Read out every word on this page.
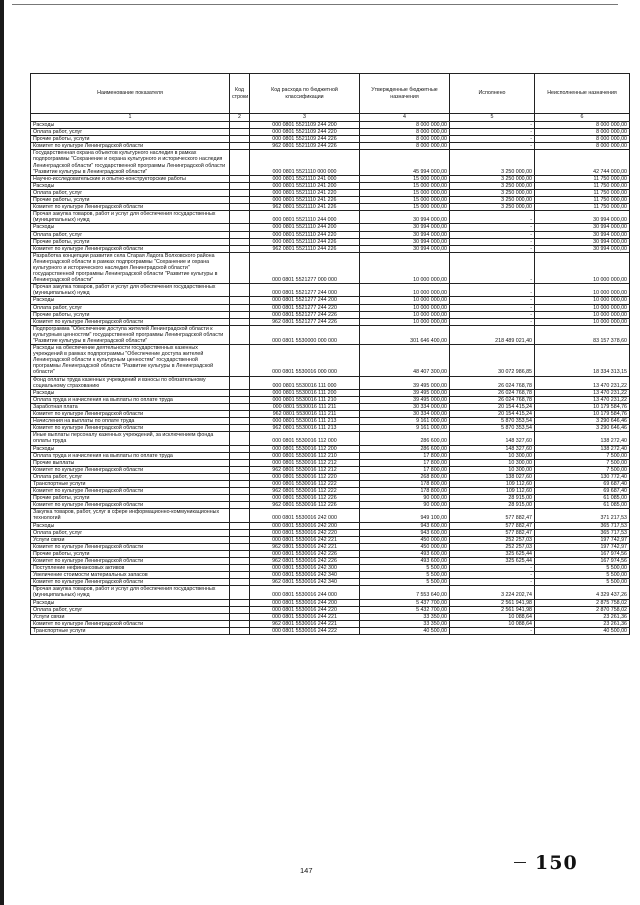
Наименование показателя	Код строки	Код расхода по бюджетной классификации	Утвержденные бюджетные назначения	Исполнено	Неисполненные назначения
1	2	3	4	5	6
Расходы		000 0801 5521109 244 200	8 000 000,00	-	8 000 000,00
Оплата работ, услуг		000 0801 5521109 244 220	8 000 000,00	-	8 000 000,00
Прочие работы, услуги		000 0801 5521109 244 226	8 000 000,00	-	8 000 000,00
Комитет по культуре Ленинградской области		962 0801 5521109 244 226	8 000 000,00	-	8 000 000,00
Государственная охрана объектов культурного наследия в рамках подпрограммы "Сохранение и охрана культурного и исторического наследия Ленинградской области" государственной программы Ленинградской области "Развитие культуры в Ленинградской области"		000 0801 5521110 000 000	45 994 000,00	3 250 000,00	42 744 000,00
Научно-исследовательские и опытно-конструкторские работы		000 0801 5521110 241 000	15 000 000,00	3 250 000,00	11 750 000,00
Расходы		000 0801 5521110 241 200	15 000 000,00	3 250 000,00	11 750 000,00
Оплата работ, услуг		000 0801 5521110 241 220	15 000 000,00	3 250 000,00	11 750 000,00
Прочие работы, услуги		000 0801 5521110 241 226	15 000 000,00	3 250 000,00	11 750 000,00
Комитет по культуре Ленинградской области		962 0801 5521110 241 226	15 000 000,00	3 250 000,00	11 750 000,00
Прочая закупка товаров, работ и услуг для обеспечения государственных (муниципальных) нужд		000 0801 5521110 244 000	30 994 000,00	-	30 994 000,00
Расходы		000 0801 5521110 244 200	30 994 000,00	-	30 994 000,00
Оплата работ, услуг		000 0801 5521110 244 220	30 994 000,00	-	30 994 000,00
Прочие работы, услуги		000 0801 5521110 244 226	30 994 000,00	-	30 994 000,00
Комитет по культуре Ленинградской области		962 0801 5521110 244 226	30 994 000,00	-	30 994 000,00
Разработка концепции развития села Старая Ладога Волховского района Ленинградской области в рамках подпрограммы "Сохранение и охрана культурного и исторического наследия Ленинградской области" государственной программы Ленинградской области "Развитие культуры в Ленинградской области"		000 0801 5521277 000 000	10 000 000,00	-	10 000 000,00
Прочая закупка товаров, работ и услуг для обеспечения государственных (муниципальных) нужд		000 0801 5521277 244 000	10 000 000,00	-	10 000 000,00
Расходы		000 0801 5521277 244 200	10 000 000,00	-	10 000 000,00
Оплата работ, услуг		000 0801 5521277 244 220	10 000 000,00	-	10 000 000,00
Прочие работы, услуги		000 0801 5521277 244 226	10 000 000,00	-	10 000 000,00
Комитет по культуре Ленинградской области		962 0801 5521277 244 226	10 000 000,00	-	10 000 000,00
Подпрограмма "Обеспечение доступа жителей Ленинградской области к культурным ценностям" государственной программы Ленинградской области "Развитие культуры в Ленинградской области"		000 0801 5530000 000 000	301 646 400,00	218 489 021,40	83 157 378,60
Расходы на обеспечение деятельности государственных казенных учреждений в рамках подпрограммы "Обеспечение доступа жителей Ленинградской области к культурным ценностям" государственной программы Ленинградской области "Развитие культуры в Ленинградской области"		000 0801 5530016 000 000	48 407 300,00	30 072 986,85	18 334 313,15
Фонд оплаты труда казенных учреждений и взносы по обязательному социальному страхованию		000 0801 5530016 111 000	39 495 000,00	26 024 768,78	13 470 231,22
Расходы		000 0801 5530016 111 200	39 495 000,00	26 024 768,78	13 470 231,22
Оплата труда и начисления на выплаты по оплате труда		000 0801 5530016 111 210	39 495 000,00	26 024 768,78	13 470 231,22
Заработная плата		000 0801 5530016 111 211	30 334 000,00	20 154 415,24	10 179 584,76
Комитет по культуре Ленинградской области		962 0801 5530016 111 211	30 334 000,00	20 154 415,24	10 179 584,76
Начисления на выплаты по оплате труда		000 0801 5530016 111 213	9 161 000,00	5 870 353,54	3 290 646,46
Комитет по культуре Ленинградской области		962 0801 5530016 111 213	9 161 000,00	5 870 353,54	3 290 646,46
Иные выплаты персоналу казенных учреждений, за исключением фонда оплаты труда		000 0801 5530016 112 000	286 600,00	148 327,60	138 272,40
Расходы		000 0801 5530016 112 200	286 600,00	148 327,60	138 272,40
Оплата труда и начисления на выплаты по оплате труда		000 0801 5530016 112 210	17 800,00	10 300,00	7 500,00
Прочие выплаты		000 0801 5530016 112 212	17 800,00	10 300,00	7 500,00
Комитет по культуре Ленинградской области		962 0801 5530016 112 212	17 800,00	10 300,00	7 500,00
Оплата работ, услуг		000 0801 5530016 112 220	268 800,00	138 027,60	130 772,40
Транспортные услуги		000 0801 5530016 112 222	178 800,00	109 112,60	69 687,40
Комитет по культуре Ленинградской области		962 0801 5530016 112 222	178 800,00	109 112,60	69 687,40
Прочие работы, услуги		000 0801 5530016 112 226	90 000,00	28 915,00	61 085,00
Комитет по культуре Ленинградской области		962 0801 5530016 112 226	90 000,00	28 915,00	61 085,00
Закупка товаров, работ, услуг в сфере информационно-коммуникационных технологий		000 0801 5530016 242 000	949 100,00	577 882,47	371 217,53
Расходы		000 0801 5530016 242 200	943 600,00	577 882,47	365 717,53
Оплата работ, услуг		000 0801 5530016 242 220	943 600,00	577 882,47	365 717,53
Услуги связи		000 0801 5530016 242 221	450 000,00	252 257,03	197 742,97
Комитет по культуре Ленинградской области		962 0801 5530016 242 221	450 000,00	252 257,03	197 742,97
Прочие работы, услуги		000 0801 5530016 242 226	493 600,00	325 625,44	167 974,56
Комитет по культуре Ленинградской области		962 0801 5530016 242 226	493 600,00	325 625,44	167 974,56
Поступление нефинансовых активов		000 0801 5530016 242 300	5 500,00	-	5 500,00
Увеличение стоимости материальных запасов		000 0801 5530016 242 340	5 500,00	-	5 500,00
Комитет по культуре Ленинградской области		962 0801 5530016 242 340	5 500,00	-	5 500,00
Прочая закупка товаров, работ и услуг для обеспечения государственных (муниципальных) нужд		000 0801 5530016 244 000	7 553 640,00	3 224 202,74	4 329 437,26
Расходы		000 0801 5530016 244 200	5 437 700,00	2 561 941,98	2 875 758,02
Оплата работ, услуг		000 0801 5530016 244 220	5 432 700,00	2 561 941,98	2 870 758,02
Услуги связи		000 0801 5530016 244 221	33 350,00	10 088,64	23 261,36
Комитет по культуре Ленинградской области		962 0801 5530016 244 221	33 350,00	10 088,64	23 261,36
Транспортные услуги		000 0801 5530016 244 222	40 500,00	-	40 500,00
147	150
